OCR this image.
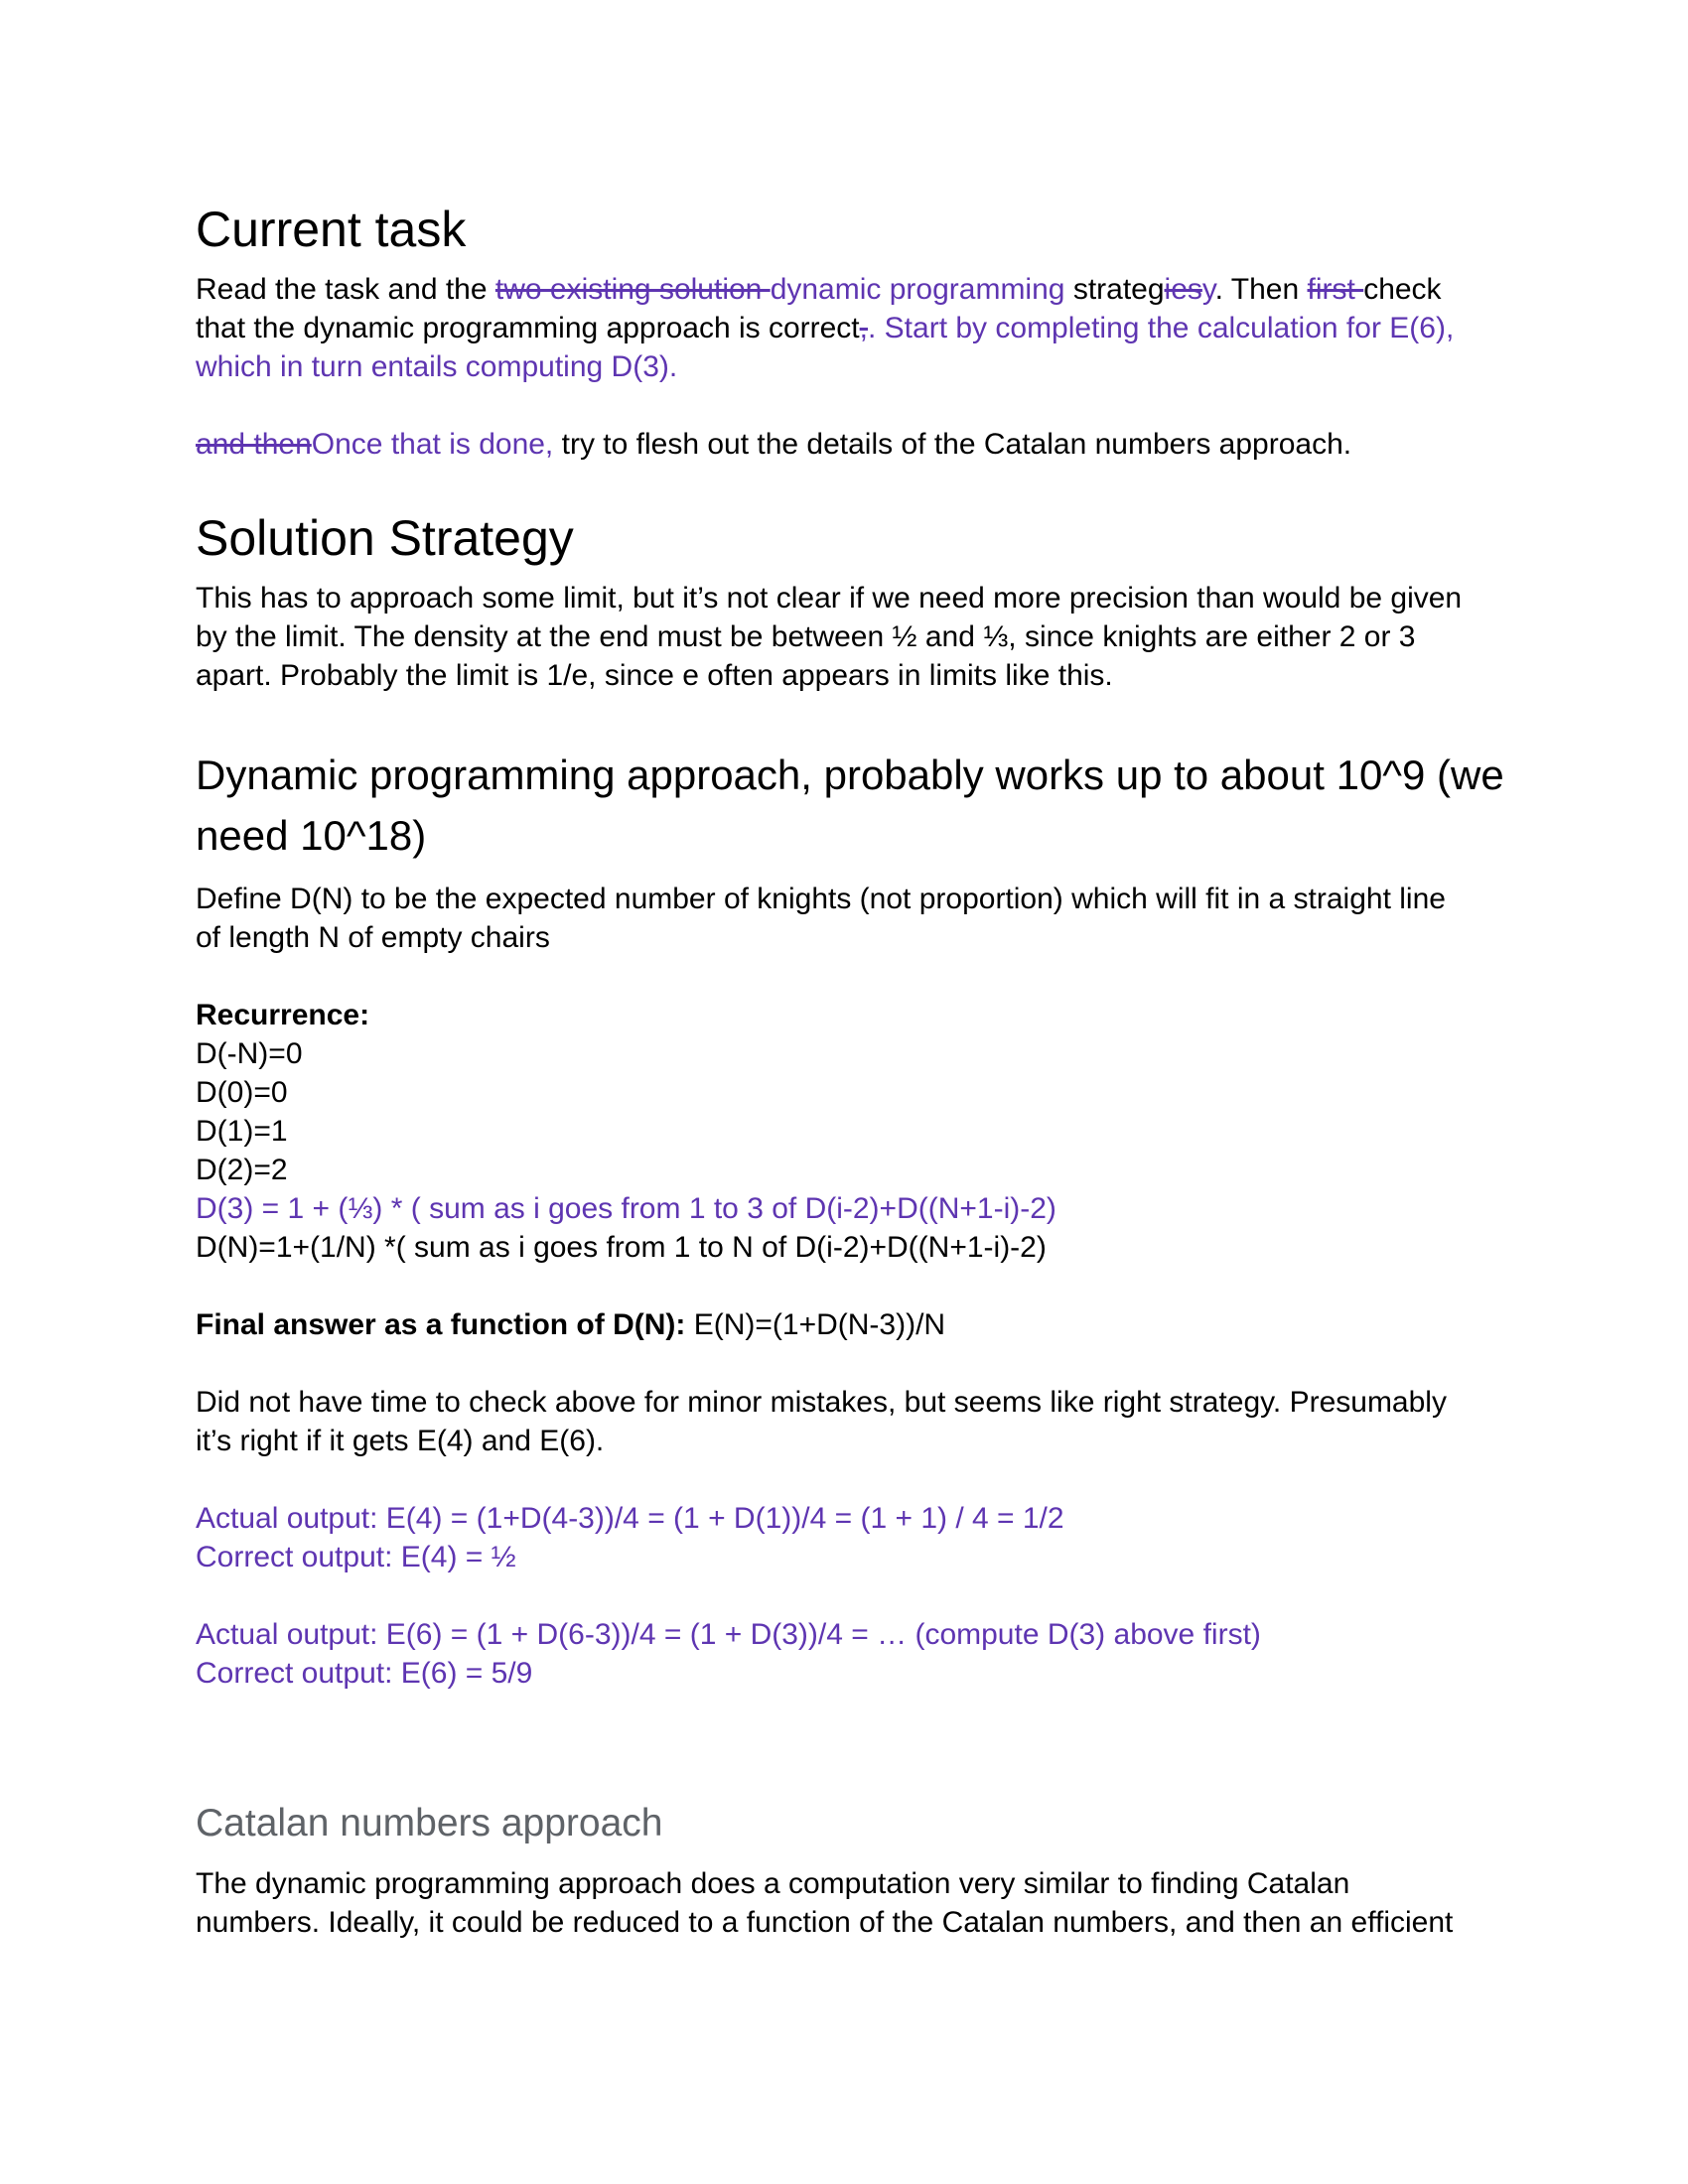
Current task
Read the task and the two existing solution dynamic programming strategiesy. Then first check
that the dynamic programming approach is correct,. Start by completing the calculation for E(6),
which in turn entails computing D(3).
and thenOnce that is done, try to flesh out the details of the Catalan numbers approach.
Solution Strategy
This has to approach some limit, but it’s not clear if we need more precision than would be given
by the limit. The density at the end must be between ½ and ⅓, since knights are either 2 or 3
apart. Probably the limit is 1/e, since e often appears in limits like this.
Dynamic programming approach, probably works up to about 10^9 (we
need 10^18)
Define D(N) to be the expected number of knights (not proportion) which will fit in a straight line
of length N of empty chairs
Recurrence:
D(-N)=0
D(0)=0
D(1)=1
D(2)=2
D(3) = 1 + (⅓) * ( sum as i goes from 1 to 3 of D(i-2)+D((N+1-i)-2)
D(N)=1+(1/N) *( sum as i goes from 1 to N of D(i-2)+D((N+1-i)-2)
Final answer as a function of D(N): E(N)=(1+D(N-3))/N
Did not have time to check above for minor mistakes, but seems like right strategy. Presumably
it’s right if it gets E(4) and E(6).
Actual output: E(4) = (1+D(4-3))/4 = (1 + D(1))/4 = (1 + 1) / 4 = 1/2
Correct output: E(4) = ½
Actual output: E(6) = (1 + D(6-3))/4 = (1 + D(3))/4 = … (compute D(3) above first)
Correct output: E(6) = 5/9
Catalan numbers approach
The dynamic programming approach does a computation very similar to finding Catalan
numbers. Ideally, it could be reduced to a function of the Catalan numbers, and then an efficient
